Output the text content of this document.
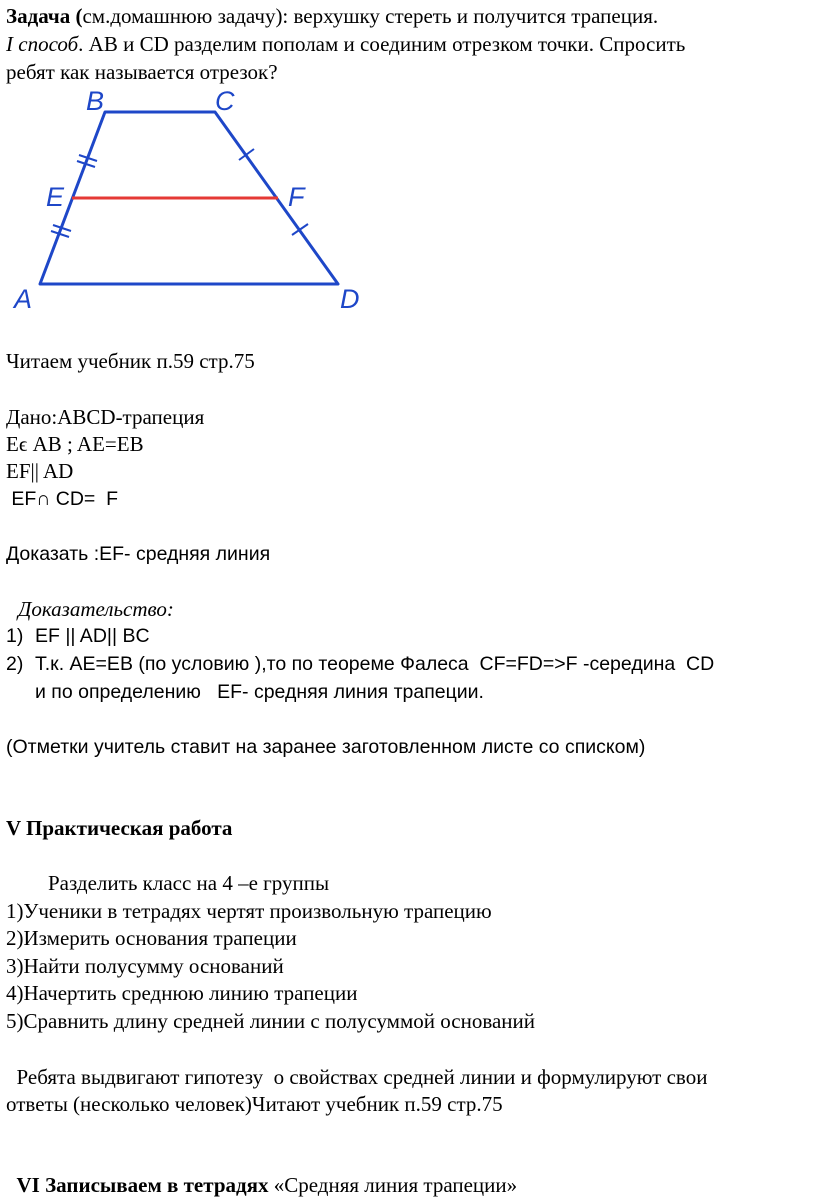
Задача (см.домашнюю задачу): верхушку стереть и получится трапеция.
I способ. AB и CD разделим пополам и соединим отрезком точки. Спросить
ребят как называется отрезок?
B	C
E	F
A	D
Читаем учебник п.59 стр.75
Дано:ABCD-трапеция
Eϵ AB ; AE=EB
EF|| AD
EF∩ CD=  F
Доказать :EF- средняя линия
Доказательство:
1) EF || AD|| BC
2) Т.к. AE=EB (по условию ),то по теореме Фалеса  CF=FD=>F -середина  CD
и по определению   EF- средняя линия трапеции.
(Отметки учитель ставит на заранее заготовленном листе со списком)
V Практическая работа
Разделить класс на 4 –е группы
1)Ученики в тетрадях чертят произвольную трапецию
2)Измерить основания трапеции
3)Найти полусумму оснований
4)Начертить среднюю линию трапеции
5)Сравнить длину средней линии с полусуммой оснований
Ребята выдвигают гипотезу  о свойствах средней линии и формулируют свои
ответы (несколько человек)Читают учебник п.59 стр.75

VI Записываем в тетрадях «Средняя линия трапеции»
